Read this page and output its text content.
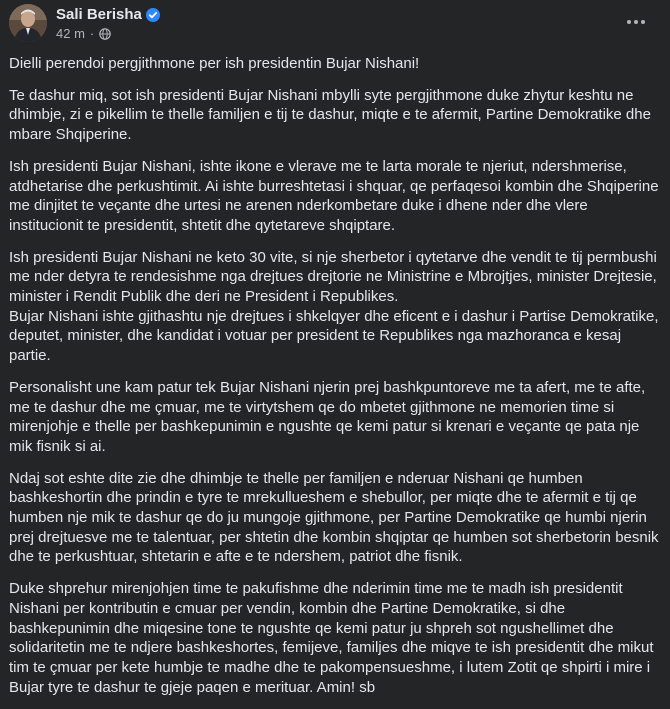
Sali Berisha
42 m ·

Dielli perendoi pergjithmone per ish presidentin Bujar Nishani!

Te dashur miq, sot ish presidenti Bujar Nishani mbylli syte pergjithmone duke zhytur keshtu ne dhimbje, zi e pikellim te thelle familjen e tij te dashur, miqte e te afermit, Partine Demokratike dhe mbare Shqiperine.

Ish presidenti Bujar Nishani, ishte ikone e vlerave me te larta morale te njeriut, ndershmerise, atdhetarise dhe perkushtimit. Ai ishte burreshtetasi i shquar, qe perfaqesoi kombin dhe Shqiperine me dinjitet te veçante dhe urtesi ne arenen nderkombetare duke i dhene nder dhe vlere institucionit te presidentit, shtetit dhe qytetareve shqiptare.

Ish presidenti Bujar Nishani ne keto 30 vite, si nje sherbetor i qytetarve dhe vendit te tij permbushi me nder detyra te rendesishme nga drejtues drejtorie ne Ministrine e Mbrojtjes, minister Drejtesie, minister i Rendit Publik dhe deri ne President i Republikes.
Bujar Nishani ishte gjithashtu nje drejtues i shkelqyer dhe eficent e i dashur i Partise Demokratike, deputet, minister, dhe kandidat i votuar per president te Republikes nga mazhoranca e kesaj partie.

Personalisht une kam patur tek Bujar Nishani njerin prej bashkpuntoreve me ta afert, me te afte, me te dashur dhe me çmuar, me te virtytshem qe do mbetet gjithmone ne memorien time si mirenjohje e thelle per bashkepunimin e ngushte qe kemi patur si krenari e veçante qe pata nje mik fisnik si ai.

Ndaj sot eshte dite zie dhe dhimbje te thelle per familjen e nderuar Nishani qe humben bashkeshortin dhe prindin e tyre te mrekullueshem e shebullor, per miqte dhe te afermit e tij qe humben nje mik te dashur qe do ju mungoje gjithmone, per Partine Demokratike qe humbi njerin prej drejtuesve me te talentuar, per shtetin dhe kombin shqiptar qe humben sot sherbetorin besnik dhe te perkushtuar, shtetarin e afte e te ndershem, patriot dhe fisnik.

Duke shprehur mirenjohjen time te pakufishme dhe nderimin time me te madh ish presidentit Nishani per kontributin e cmuar per vendin, kombin dhe Partine Demokratike, si dhe bashkepunimin dhe miqesine tone te ngushte qe kemi patur ju shpreh sot ngushellimet dhe solidaritetin me te ndjere bashkeshortes, femijeve, familjes dhe miqve te ish presidentit dhe mikut tim te çmuar per kete humbje te madhe dhe te pakompensueshme, i lutem Zotit qe shpirti i mire i Bujar tyre te dashur te gjeje paqen e merituar. Amin! sb
